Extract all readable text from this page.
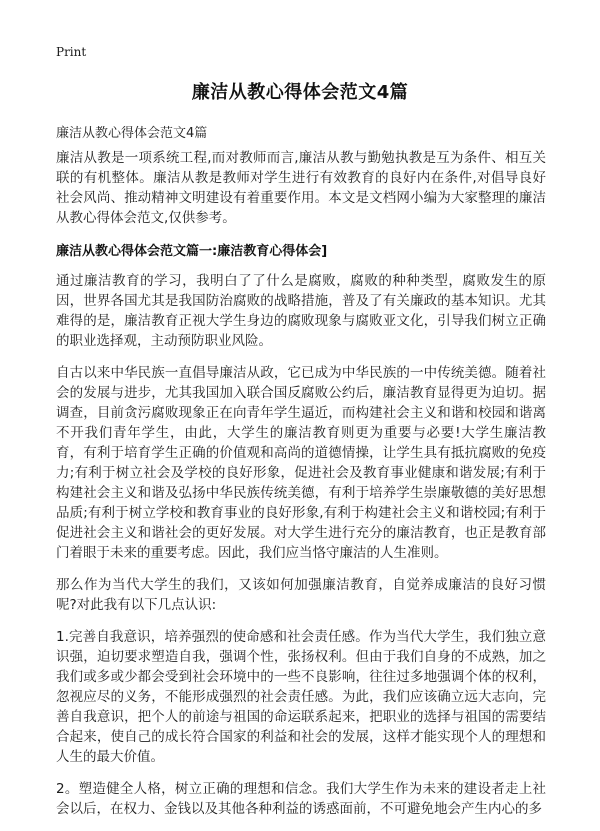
Print
廉洁从教心得体会范文4篇
廉洁从教心得体会范文4篇

廉洁从教是一项系统工程,而对教师而言,廉洁从教与勤勉执教是互为条件、相互关联的有机整体。廉洁从教是教师对学生进行有效教育的良好内在条件,对倡导良好社会风尚、推动精神文明建设有着重要作用。本文是文档网小编为大家整理的廉洁从教心得体会范文,仅供参考。

廉洁从教心得体会范文篇一:廉洁教育心得体会]

通过廉洁教育的学习，我明白了了什么是腐败，腐败的种种类型，腐败发生的原因，世界各国尤其是我国防治腐败的战略措施，普及了有关廉政的基本知识。尤其难得的是，廉洁教育正视大学生身边的腐败现象与腐败亚文化，引导我们树立正确的职业选择观，主动预防职业风险。

自古以来中华民族一直倡导廉洁从政，它已成为中华民族的一中传统美德。随着社会的发展与进步，尤其我国加入联合国反腐败公约后，廉洁教育显得更为迫切。据调查，目前贪污腐败现象正在向青年学生逼近，而构建社会主义和谐和校园和谐离不开我们青年学生，由此，大学生的廉洁教育则更为重要与必要!大学生廉洁教育，有利于培育学生正确的价值观和高尚的道德情操，让学生具有抵抗腐败的免疫力;有利于树立社会及学校的良好形象，促进社会及教育事业健康和谐发展;有利于构建社会主义和谐及弘扬中华民族传统美德，有利于培养学生崇廉敬德的美好思想品质;有利于树立学校和教育事业的良好形象,有利于构建社会主义和谐校园;有利于促进社会主义和谐社会的更好发展。对大学生进行充分的廉洁教育，也正是教育部门着眼于未来的重要考虑。因此，我们应当恪守廉洁的人生准则。

那么作为当代大学生的我们，又该如何加强廉洁教育，自觉养成廉洁的良好习惯呢?对此我有以下几点认识:

1.完善自我意识，培养强烈的使命感和社会责任感。作为当代大学生，我们独立意识强，迫切要求塑造自我，强调个性，张扬权利。但由于我们自身的不成熟，加之我们或多或少都会受到社会环境中的一些不良影响，往往过多地强调个体的权利，忽视应尽的义务，不能形成强烈的社会责任感。为此，我们应该确立远大志向，完善自我意识，把个人的前途与祖国的命运联系起来，把职业的选择与祖国的需要结合起来，使自己的成长符合国家的利益和社会的发展，这样才能实现个人的理想和人生的最大价值。

2。塑造健全人格，树立正确的理想和信念。我们大学生作为未来的建设者走上社会以后，在权力、金钱以及其他各种利益的诱惑面前，不可避免地会产生内心的多
